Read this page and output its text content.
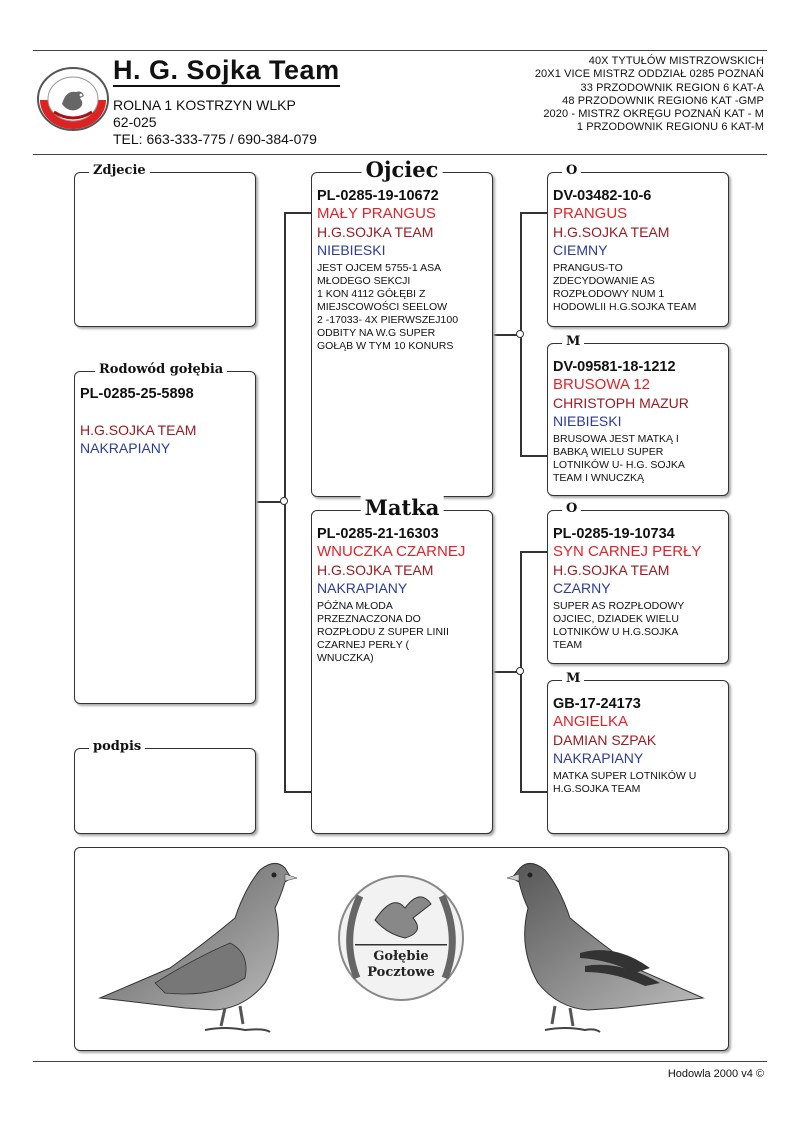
H. G. Sojka Team
ROLNA 1 KOSTRZYN WLKP
62-025
TEL: 663-333-775 / 690-384-079
40X TYTUŁÓW MISTRZOWSKICH
20X1 VICE MISTRZ ODDZIAŁ 0285 POZNAŃ
33 PRZODOWNIK REGION 6 KAT-A
48 PRZODOWNIK REGION6 KAT -GMP
2020 - MISTRZ OKRĘGU POZNAŃ KAT - M
1 PRZODOWNIK REGIONU 6 KAT-M
Zdjecie
Rodowód gołębia
PL-0285-25-5898
H.G.SOJKA TEAM
NAKRAPIANY
podpis
Ojciec
PL-0285-19-10672
MAŁY PRANGUS
H.G.SOJKA TEAM
NIEBIESKI
JEST OJCEM 5755-1 ASA
MŁODEGO SEKCJI
1 KON 4112 GÓŁĘBI Z
MIEJSCOWOŚCI SEELOW
2 -17033- 4X PIERWSZEJ100
ODBITY NA W.G SUPER
GOŁĄB W TYM 10 KONURS
Matka
PL-0285-21-16303
WNUCZKA CZARNEJ
H.G.SOJKA TEAM
NAKRAPIANY
PÓŹNA MŁODA
PRZEZNACZONA DO
ROZPŁODU Z SUPER LINII
CZARNEJ PERŁY (
WNUCZKA)
O
DV-03482-10-6
PRANGUS
H.G.SOJKA TEAM
CIEMNY
PRANGUS-TO
ZDECYDOWANIE AS
ROZPŁODOWY NUM 1
HODOWLII H.G.SOJKA TEAM
M
DV-09581-18-1212
BRUSOWA 12
CHRISTOPH MAZUR
NIEBIESKI
BRUSOWA JEST MATKĄ I
BABKĄ WIELU SUPER
LOTNIKÓW U- H.G. SOJKA
TEAM I WNUCZKĄ
O
PL-0285-19-10734
SYN CARNEJ PERŁY
H.G.SOJKA TEAM
CZARNY
SUPER AS ROZPŁODOWY
OJCIEC, DZIADEK WIELU
LOTNIKÓW U H.G.SOJKA
TEAM
M
GB-17-24173
ANGIELKA
DAMIAN SZPAK
NAKRAPIANY
MATKA SUPER LOTNIKÓW U
H.G.SOJKA TEAM
Gołębie
Pocztowe
Hodowla 2000 v4 ©
